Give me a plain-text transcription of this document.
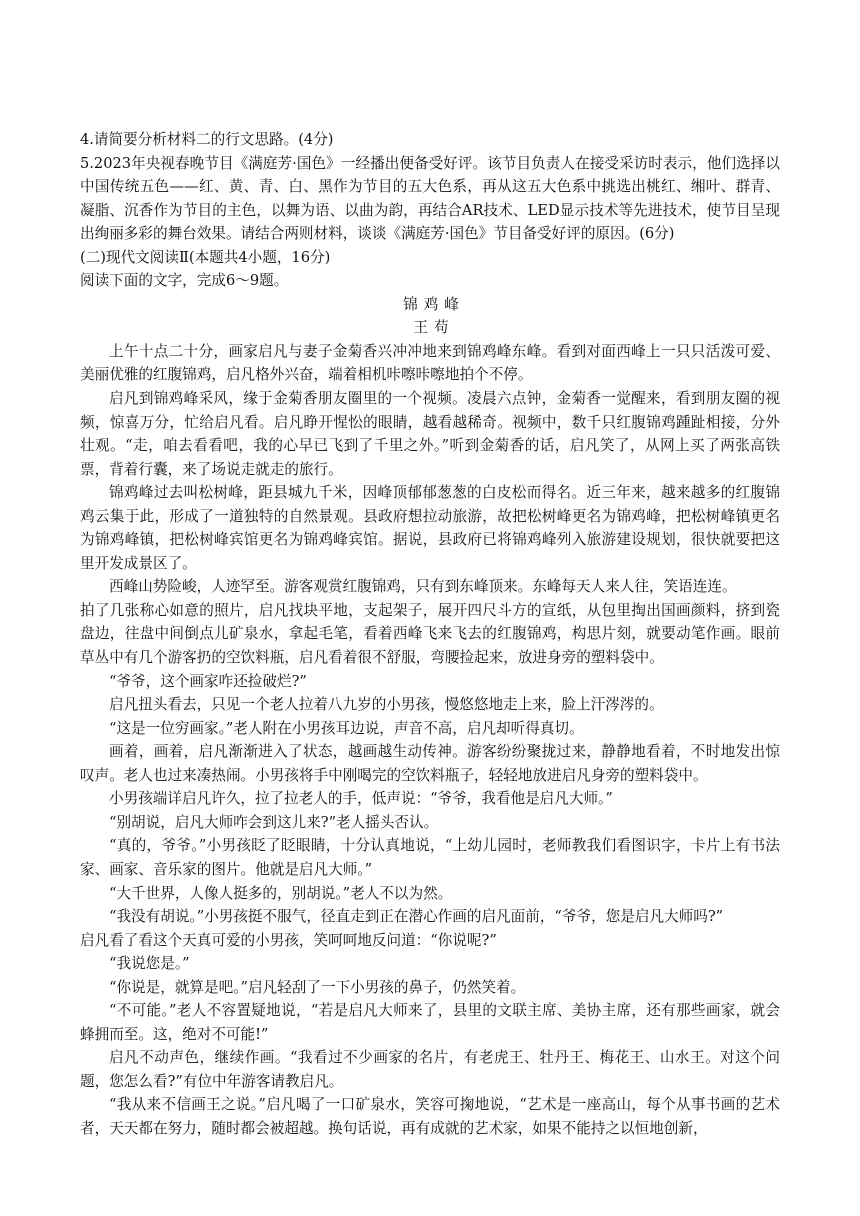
4.请简要分析材料二的行文思路。(4分)

5.2023年央视春晚节目《满庭芳·国色》一经播出便备受好评。该节目负责人在接受采访时表示，他们选择以中国传统五色——红、黄、青、白、黑作为节目的五大色系，再从这五大色系中挑选出桃红、缃叶、群青、凝脂、沉香作为节目的主色，以舞为语、以曲为韵，再结合AR技术、LED显示技术等先进技术，使节目呈现出绚丽多彩的舞台效果。请结合两则材料，谈谈《满庭芳·国色》节目备受好评的原因。(6分)

(二)现代文阅读Ⅱ(本题共4小题，16分)

阅读下面的文字，完成6～9题。

锦鸡峰

王苟

上午十点二十分，画家启凡与妻子金菊香兴冲冲地来到锦鸡峰东峰。看到对面西峰上一只只活泼可爱、美丽优雅的红腹锦鸡，启凡格外兴奋，端着相机咔嚓咔嚓地拍个不停。

启凡到锦鸡峰采风，缘于金菊香朋友圈里的一个视频。凌晨六点钟，金菊香一觉醒来，看到朋友圈的视频，惊喜万分，忙给启凡看。启凡睁开惺忪的眼睛，越看越稀奇。视频中，数千只红腹锦鸡踵趾相接，分外壮观。“走，咱去看看吧，我的心早已飞到了千里之外。”听到金菊香的话，启凡笑了，从网上买了两张高铁票，背着行囊，来了场说走就走的旅行。

锦鸡峰过去叫松树峰，距县城九千米，因峰顶郁郁葱葱的白皮松而得名。近三年来，越来越多的红腹锦鸡云集于此，形成了一道独特的自然景观。县政府想拉动旅游，故把松树峰更名为锦鸡峰，把松树峰镇更名为锦鸡峰镇，把松树峰宾馆更名为锦鸡峰宾馆。据说，县政府已将锦鸡峰列入旅游建设规划，很快就要把这里开发成景区了。

西峰山势险峻，人迹罕至。游客观赏红腹锦鸡，只有到东峰顶来。东峰每天人来人往，笑语连连。

拍了几张称心如意的照片，启凡找块平地，支起架子，展开四尺斗方的宣纸，从包里掏出国画颜料，挤到瓷盘边，往盘中间倒点儿矿泉水，拿起毛笔，看着西峰飞来飞去的红腹锦鸡，构思片刻，就要动笔作画。眼前草丛中有几个游客扔的空饮料瓶，启凡看着很不舒服，弯腰捡起来，放进身旁的塑料袋中。

“爷爷，这个画家咋还捡破烂?”

启凡扭头看去，只见一个老人拉着八九岁的小男孩，慢悠悠地走上来，脸上汗涔涔的。

“这是一位穷画家。”老人附在小男孩耳边说，声音不高，启凡却听得真切。

画着，画着，启凡渐渐进入了状态，越画越生动传神。游客纷纷聚拢过来，静静地看着，不时地发出惊叹声。老人也过来凑热闹。小男孩将手中刚喝完的空饮料瓶子，轻轻地放进启凡身旁的塑料袋中。

小男孩端详启凡许久，拉了拉老人的手，低声说：“爷爷，我看他是启凡大师。”

“别胡说，启凡大师咋会到这儿来?”老人摇头否认。

“真的，爷爷。”小男孩眨了眨眼睛，十分认真地说，“上幼儿园时，老师教我们看图识字，卡片上有书法家、画家、音乐家的图片。他就是启凡大师。”

“大千世界，人像人挺多的，别胡说。”老人不以为然。

“我没有胡说。”小男孩挺不服气，径直走到正在潜心作画的启凡面前，“爷爷，您是启凡大师吗?”

启凡看了看这个天真可爱的小男孩，笑呵呵地反问道：“你说呢?”

“我说您是。”

“你说是，就算是吧。”启凡轻刮了一下小男孩的鼻子，仍然笑着。

“不可能。”老人不容置疑地说，“若是启凡大师来了，县里的文联主席、美协主席，还有那些画家，就会蜂拥而至。这，绝对不可能!”

启凡不动声色，继续作画。“我看过不少画家的名片，有老虎王、牡丹王、梅花王、山水王。对这个问题，您怎么看?”有位中年游客请教启凡。

“我从来不信画王之说。”启凡喝了一口矿泉水，笑容可掬地说，“艺术是一座高山，每个从事书画的艺术者，天天都在努力，随时都会被超越。换句话说，再有成就的艺术家，如果不能持之以恒地创新，
